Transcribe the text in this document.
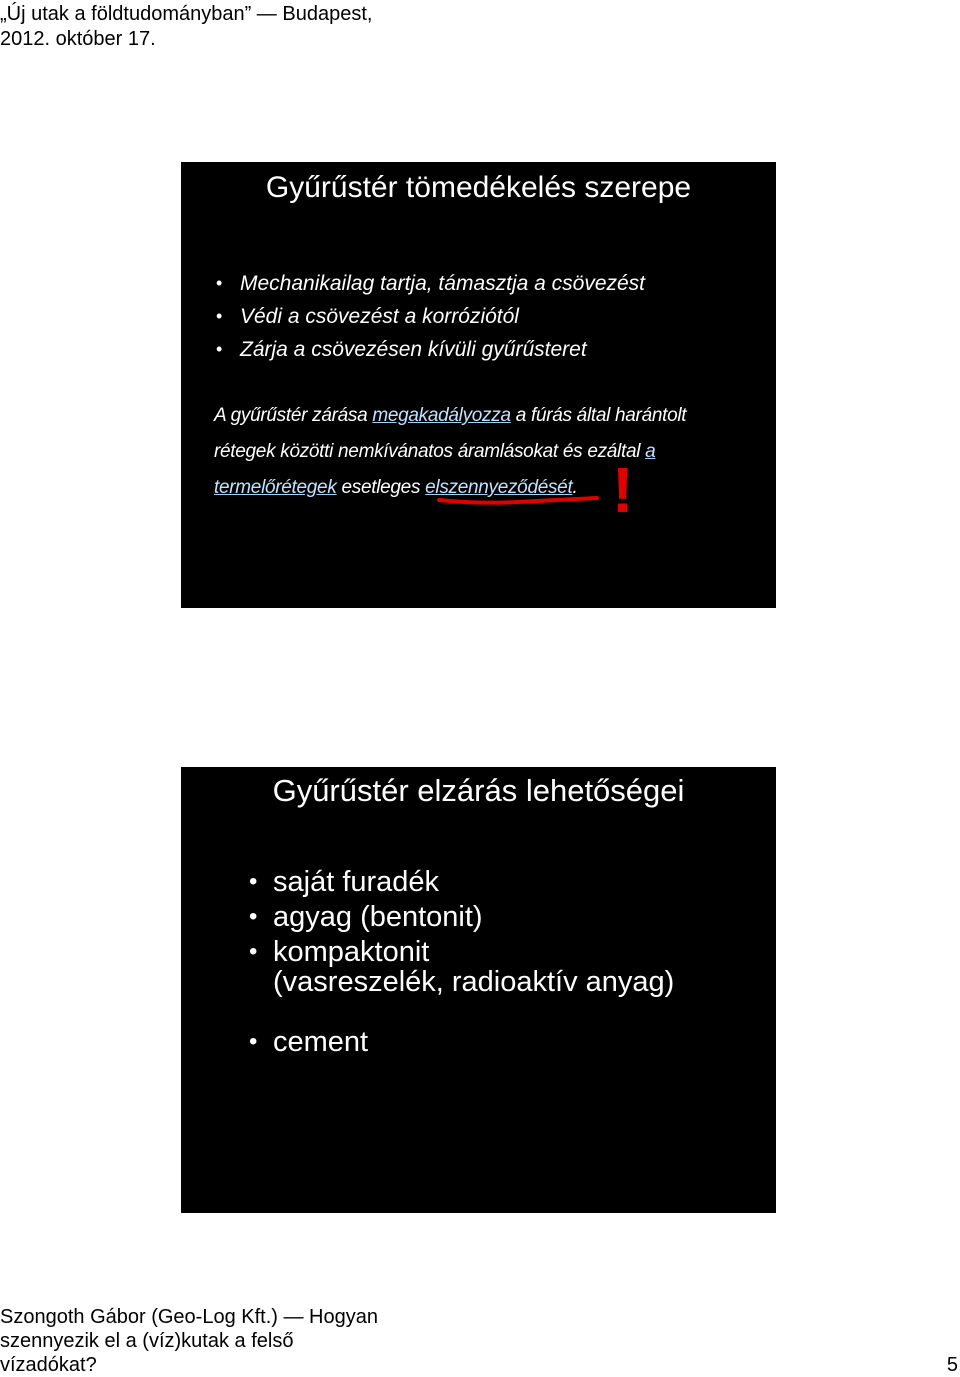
„Új utak a földtudományban” — Budapest,
2012. október 17.
Gyűrűstér tömedékelés szerepe
• Mechanikailag tartja, támasztja a csövezést
• Védi a csövezést a korróziótól
• Zárja a csövezésen kívüli gyűrűsteret
A gyűrűstér zárása megakadályozza a fúrás által harántolt rétegek közötti nemkívánatos áramlásokat és ezáltal a termelőrétegek esetleges elszennyeződését. !
Gyűrűstér elzárás lehetőségei
• saját furadék
• agyag (bentonit)
• kompaktonit
(vasreszelék, radioaktív anyag)
• cement
Szongoth Gábor (Geo-Log Kft.) — Hogyan
szennyezik el a (víz)kutak a felső
vízadókat?	5
